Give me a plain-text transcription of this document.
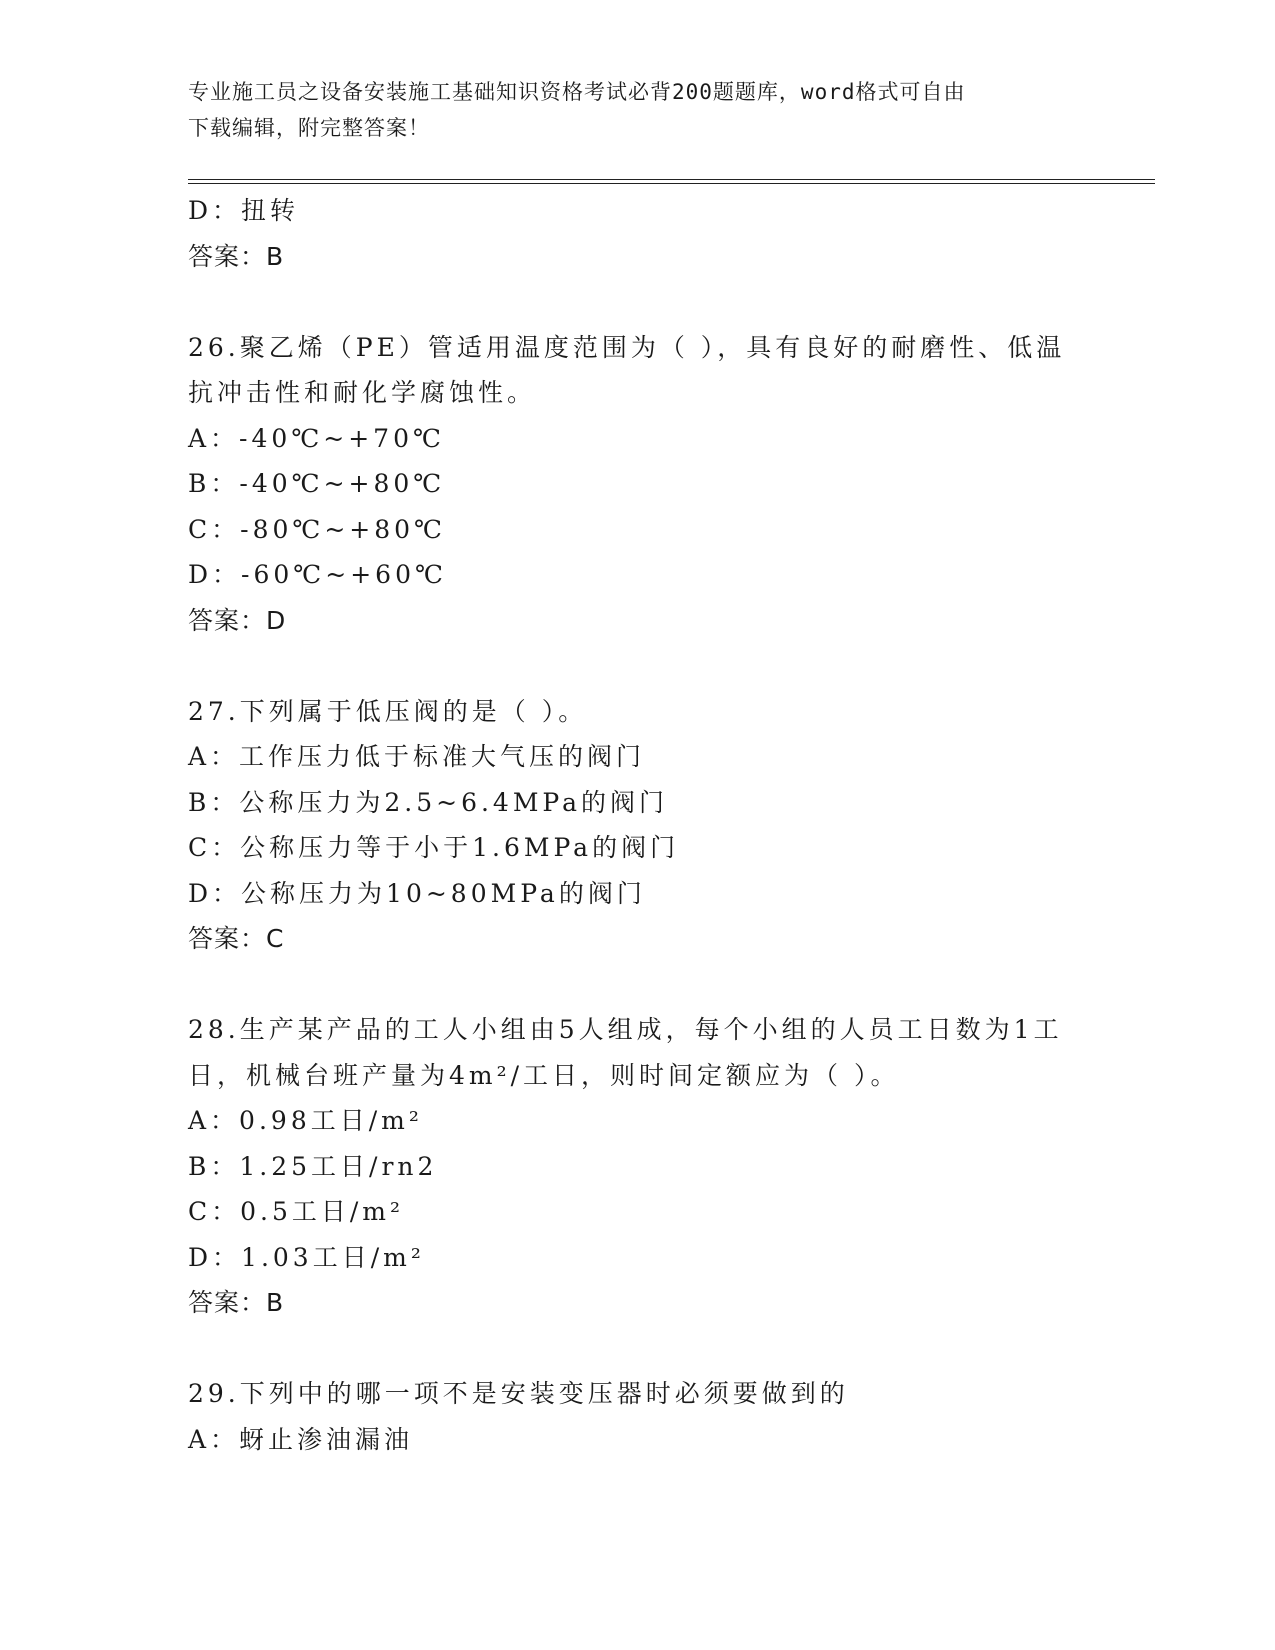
专业施工员之设备安装施工基础知识资格考试必背200题题库，word格式可自由
下载编辑，附完整答案！
D：扭转
答案：B
26.聚乙烯（PE）管适用温度范围为（ ），具有良好的耐磨性、低温
抗冲击性和耐化学腐蚀性。
A：-40℃~+70℃
B：-40℃~+80℃
C：-80℃~+80℃
D：-60℃~+60℃
答案：D
27.下列属于低压阀的是（ ）。
A：工作压力低于标准大气压的阀门
B：公称压力为2.5~6.4MPa的阀门
C：公称压力等于小于1.6MPa的阀门
D：公称压力为10~80MPa的阀门
答案：C
28.生产某产品的工人小组由5人组成，每个小组的人员工日数为1工
日，机械台班产量为4m²/工日，则时间定额应为（ ）。
A：0.98工日/m²
B：1.25工日/rn2
C：0.5工日/m²
D：1.03工日/m²
答案：B
29.下列中的哪一项不是安装变压器时必须要做到的
A：蚜止渗油漏油
